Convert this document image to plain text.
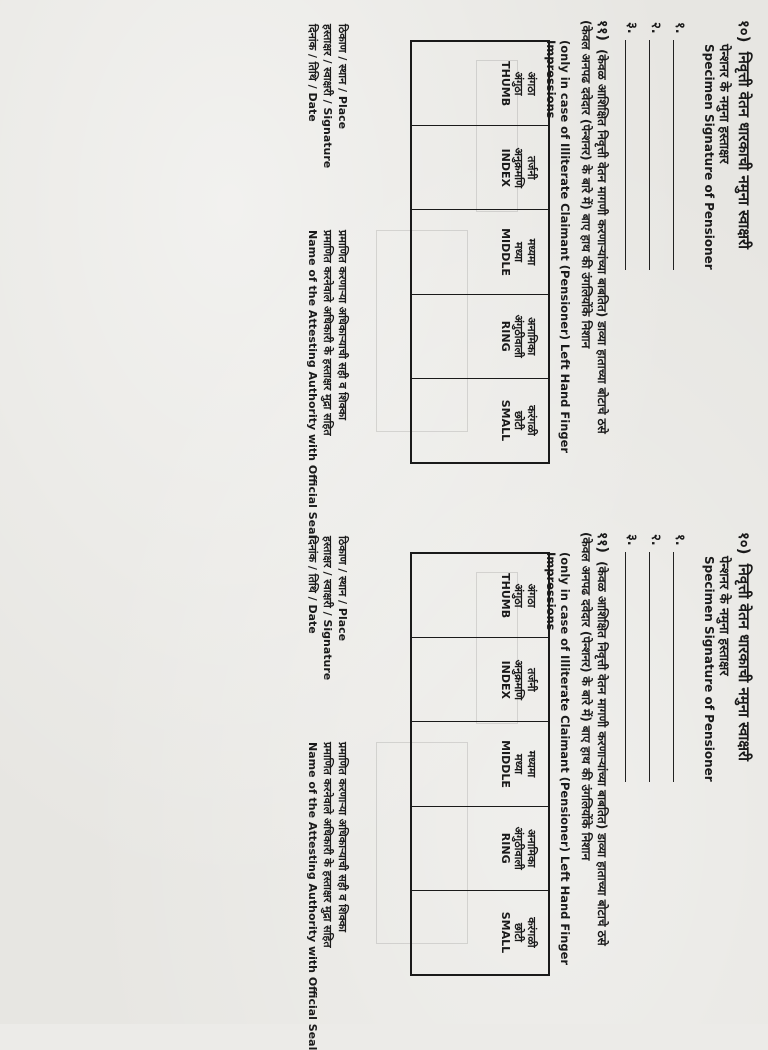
१०) निवृत्ती वेतन धारकाची नमुना स्वाक्षरी
पेन्शनर के नमुना हस्ताक्षर
Specimen Signature of Pensioner
१.
२.
३.
११) (केवळ आशिक्षित निवृत्ती वेतन मागणी करणाऱ्यांच्या बाबतित) डाव्या हाताच्या बोटाचे ठसे
(केवल अनपढ दवेदार (पेन्शनर) के बारे में) बाए हाथ की उंगलियोंके निशान
(only in case of Illiterate Claimant (Pensioner) Left Hand Finger Impressions
अंगठा
अंगुठा
THUMB
तर्जनी
अनुक्रमणि
INDEX
मध्यमा
मध्या
MIDDLE
अनामिका
अंगुठीवाली
RING
करंगळी
छोटी
SMALL
ठिकाण / स्थान / Place
हस्ताक्षर / स्वाक्षरी / Signature
दिनांक / तिथि / Date
प्रमाणित करणाऱ्या अधिकाऱ्याची सही व शिक्का
प्रमाणित करनेवाले अधिकारी के हस्ताक्षर मुद्रा सहित
Name of the Attesting Authority with Official Seal
१०) निवृत्ती वेतन धारकाची नमुना स्वाक्षरी
पेन्शनर के नमुना हस्ताक्षर
Specimen Signature of Pensioner
१.
२.
३.
११) (केवळ आशिक्षित निवृत्ती वेतन मागणी करणाऱ्यांच्या बाबतित) डाव्या हाताच्या बोटाचे ठसे
(केवल अनपढ दवेदार (पेन्शनर) के बारे में) बाए हाथ की उंगलियोंके निशान
(only in case of Illiterate Claimant (Pensioner) Left Hand Finger Impressions
अंगठा
अंगुठा
THUMB
तर्जनी
अनुक्रमणि
INDEX
मध्यमा
मध्या
MIDDLE
अनामिका
अंगुठीवाली
RING
करंगळी
छोटी
SMALL
ठिकाण / स्थान / Place
हस्ताक्षर / स्वाक्षरी / Signature
दिनांक / तिथि / Date
प्रमाणित करणाऱ्या अधिकाऱ्याची सही व शिक्का
प्रमाणित करनेवाले अधिकारी के हस्ताक्षर मुद्रा सहित
Name of the Attesting Authority with Official Seal
